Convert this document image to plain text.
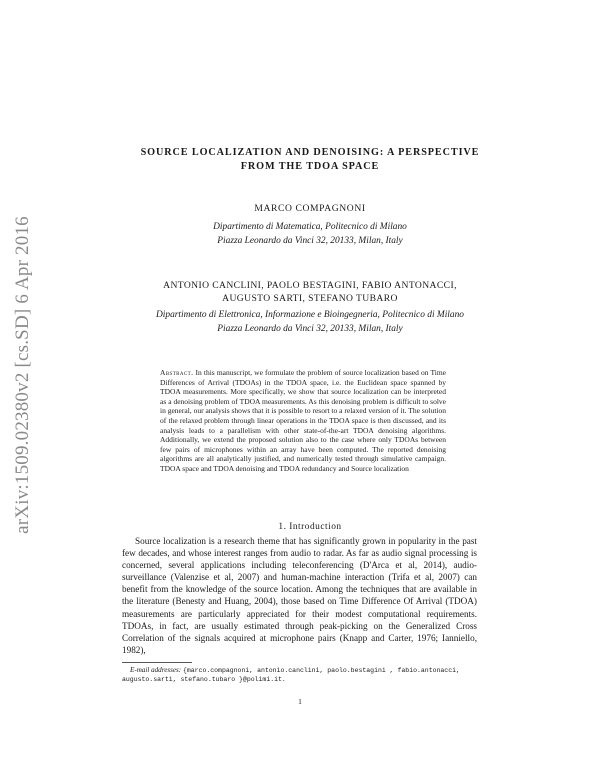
arXiv:1509.02380v2 [cs.SD] 6 Apr 2016
SOURCE LOCALIZATION AND DENOISING: A PERSPECTIVE
FROM THE TDOA SPACE
MARCO COMPAGNONI
Dipartimento di Matematica, Politecnico di Milano
Piazza Leonardo da Vinci 32, 20133, Milan, Italy
ANTONIO CANCLINI, PAOLO BESTAGINI, FABIO ANTONACCI,
AUGUSTO SARTI, STEFANO TUBARO
Dipartimento di Elettronica, Informazione e Bioingegneria, Politecnico di Milano
Piazza Leonardo da Vinci 32, 20133, Milan, Italy
Abstract. In this manuscript, we formulate the problem of source localization based on Time Differences of Arrival (TDOAs) in the TDOA space, i.e. the Euclidean space spanned by TDOA measurements. More specifically, we show that source localization can be interpreted as a denoising problem of TDOA measurements. As this denoising problem is difficult to solve in general, our analysis shows that it is possible to resort to a relaxed version of it. The solution of the relaxed problem through linear operations in the TDOA space is then discussed, and its analysis leads to a parallelism with other state-of-the-art TDOA denoising algorithms. Additionally, we extend the proposed solution also to the case where only TDOAs between few pairs of microphones within an array have been computed. The reported denoising algorithms are all analytically justified, and numerically tested through simulative campaign. TDOA space and TDOA denoising and TDOA redundancy and Source localization
1. Introduction
Source localization is a research theme that has significantly grown in popularity in the past few decades, and whose interest ranges from audio to radar. As far as audio signal processing is concerned, several applications including teleconferencing (D'Arca et al, 2014), audio-surveillance (Valenzise et al, 2007) and human-machine interaction (Trifa et al, 2007) can benefit from the knowledge of the source location. Among the techniques that are available in the literature (Benesty and Huang, 2004), those based on Time Difference Of Arrival (TDOA) measurements are particularly appreciated for their modest computational requirements. TDOAs, in fact, are usually estimated through peak-picking on the Generalized Cross Correlation of the signals acquired at microphone pairs (Knapp and Carter, 1976; Ianniello, 1982),
E-mail addresses: {marco.compagnoni, antonio.canclini, paolo.bestagini , fabio.antonacci, augusto.sarti, stefano.tubaro }@polimi.it.
1
